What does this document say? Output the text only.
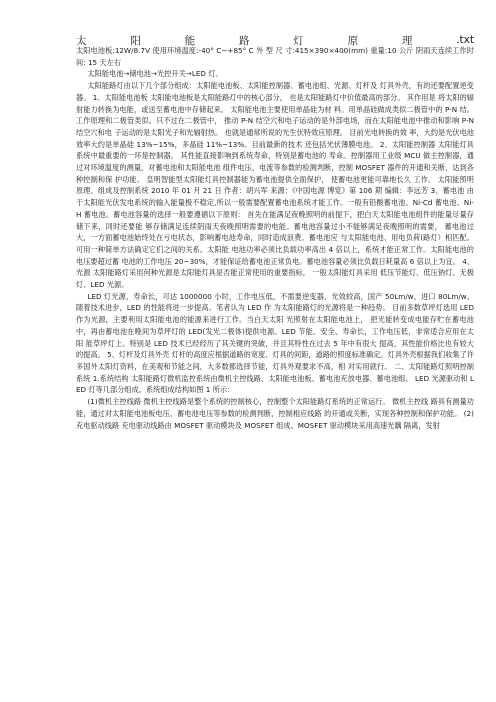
太	阳	能	路	灯	原	理	.txt

太阳电池板:12W/8.7V 使用环境温度:-40° C~+85° C 外 型 尺 寸:415×390×400(mm) 重量:10 公斤 阴雨天连续工作时间: 15 天左右

太阳能电池→储电池→光控开关→LED 灯。

太阳能路灯由以下几个部分组成：太阳能电池板、太阳能控制器、蓄电池组、光源、灯杆及 灯具外壳，有的还要配置逆变器。 1、太阳能电池板 太阳能电池板是太阳能路灯中的核心部分， 也是太阳能路灯中价值最高的部分。 其作用是 将太阳的辐射能力转换为电能，或送至蓄电池中存储起来。 太阳能电池主要使用单晶硅为材 料。用单晶硅做成类似二极管中的 P-N 结。工作原理和二极管类似。只不过在二极管中， 推动 P-N 结空穴和电子运动的是外部电场，而在太阳能电池中推动和影响 P-N 结空穴和电 子运动的是太阳光子和光辐射热。 也就是通常所说的光生伏特效应原理。 目前光电转换的效 率，大约是光伏电池效率大约是单晶硅 13%~15%，多晶硅 11%~13%。目前最新的技术 还包括光伏薄膜电池。 2、太阳能控制器 太阳能灯具系统中最重要的一环是控制器， 其性能直接影响到系统寿命，特别是蓄电池的 寿命。控制器用工业级 MCU 做主控制器，通过对环境温度的测量，对蓄电池和太阳能电池 组件电压、电流等参数的检测判断，控制 MOSFET 器件的开通和关断，达到各种控制和保 护功能。 皇明智能型太阳能灯具控制器能为蓄电池提供全面保护， 使蓄电池更能可靠地长久 工作。 太阳能照明原理、组成及控制系统 2010 年 01 月 21 日 作者：胡兴军 来源：《中国电源 博览》第 106 期 编辑：李远芳 3、蓄电池 由于太阳能光伏发电系统的输入能量极不稳定,所以一般需要配置蓄电池系统才能工作。一般有铅酸蓄电池、Ni-Cd 蓄电池、Ni-H 蓄电池。蓄电池容量的选择一般要遵循以下原则： 首先在能满足夜晚照明的前提下，把白天太阳能电池组件的能量尽量存储下来，同时还要能 够存储满足连续阴雨天夜晚照明需要的电能。蓄电池容量过小不能够满足夜晚照明的需要， 蓄电池过大，一方面蓄电池始终处在亏电状态，影响蓄电池寿命，同时造成浪费。蓄电池应 与太阳能电池、用电负荷(路灯）相匹配。可用一种简单方法确定它们之间的关系。太阳能 电池功率必须比负载功率高出 4 倍以上，系统才能正常工作。太阳能电池的电压要超过蓄 电池的工作电压 20~30%，才能保证给蓄电池正常负电。蓄电池容量必须比负载日耗量高 6 倍以上为宜。 4、光源 太阳能路灯采用何种光源是太阳能灯具是否能正常使用的重要指标， 一般太阳能灯具采用 低压节能灯、低压钠灯、无极灯、LED 光源。

LED 灯光源，寿命长，可达 1000000 小时，工作电压低，不需要逆变器，光效较高，国产 50Lm/w，进口 80Lm/w。随着技术进步，LED 的性能将进一步提高。笔者认为 LED 作 为太阳能路灯的光源将是一种趋势。 目前多数草坪灯选用 LED 作为光源，主要利用太阳能电池的能源来进行工作。当白天太阳 光照射在太阳能电池上， 把光能转变成电能存贮在蓄电池中，再由蓄电池在晚间为草坪灯的 LED(发光二极体)提供电源。LED 节能、安全、寿命长，工作电压低，非常适合应用在太阳 能草坪灯上。特别是 LED 技术已经经历了其关键的突破，并且其特性在过去 5 年中有很大 提高，其性能价格比也有较大的提高。 5、灯杆及灯具外壳 灯杆的高度应根据道路的宽度、灯具的间距，道路的照度标准确定。灯具外壳根据我们收集了许多国外太阳灯资料，在美观和节能之间，大多数都选择节能，灯具外观要求不高，相 对实用就行。 二、太阳能路灯照明控制系统 1.系统结构 太阳能路灯微机监控系统由微机主控线路、太阳能电池板、蓄电池充放电器、蓄电池组、 LED 光源驱动和 LED 灯等几部分组成。系统组成结构如图 1 所示：

(1)微机主控线路 微机主控线路是整个系统的控制核心，控制整个太阳能路灯系统的正常运行。 微机主控线 路具有测量功能，通过对太阳能电池板电压、蓄电池电压等参数的检测判断，控制相应线路 的开通或关断，实现各种控制和保护功能。 (2)充电驱动线路 充电驱动线路由 MOSFET 驱动模块及 MOSFET 组成。MOSFET 驱动模块采用高速光藕 隔离，发射
